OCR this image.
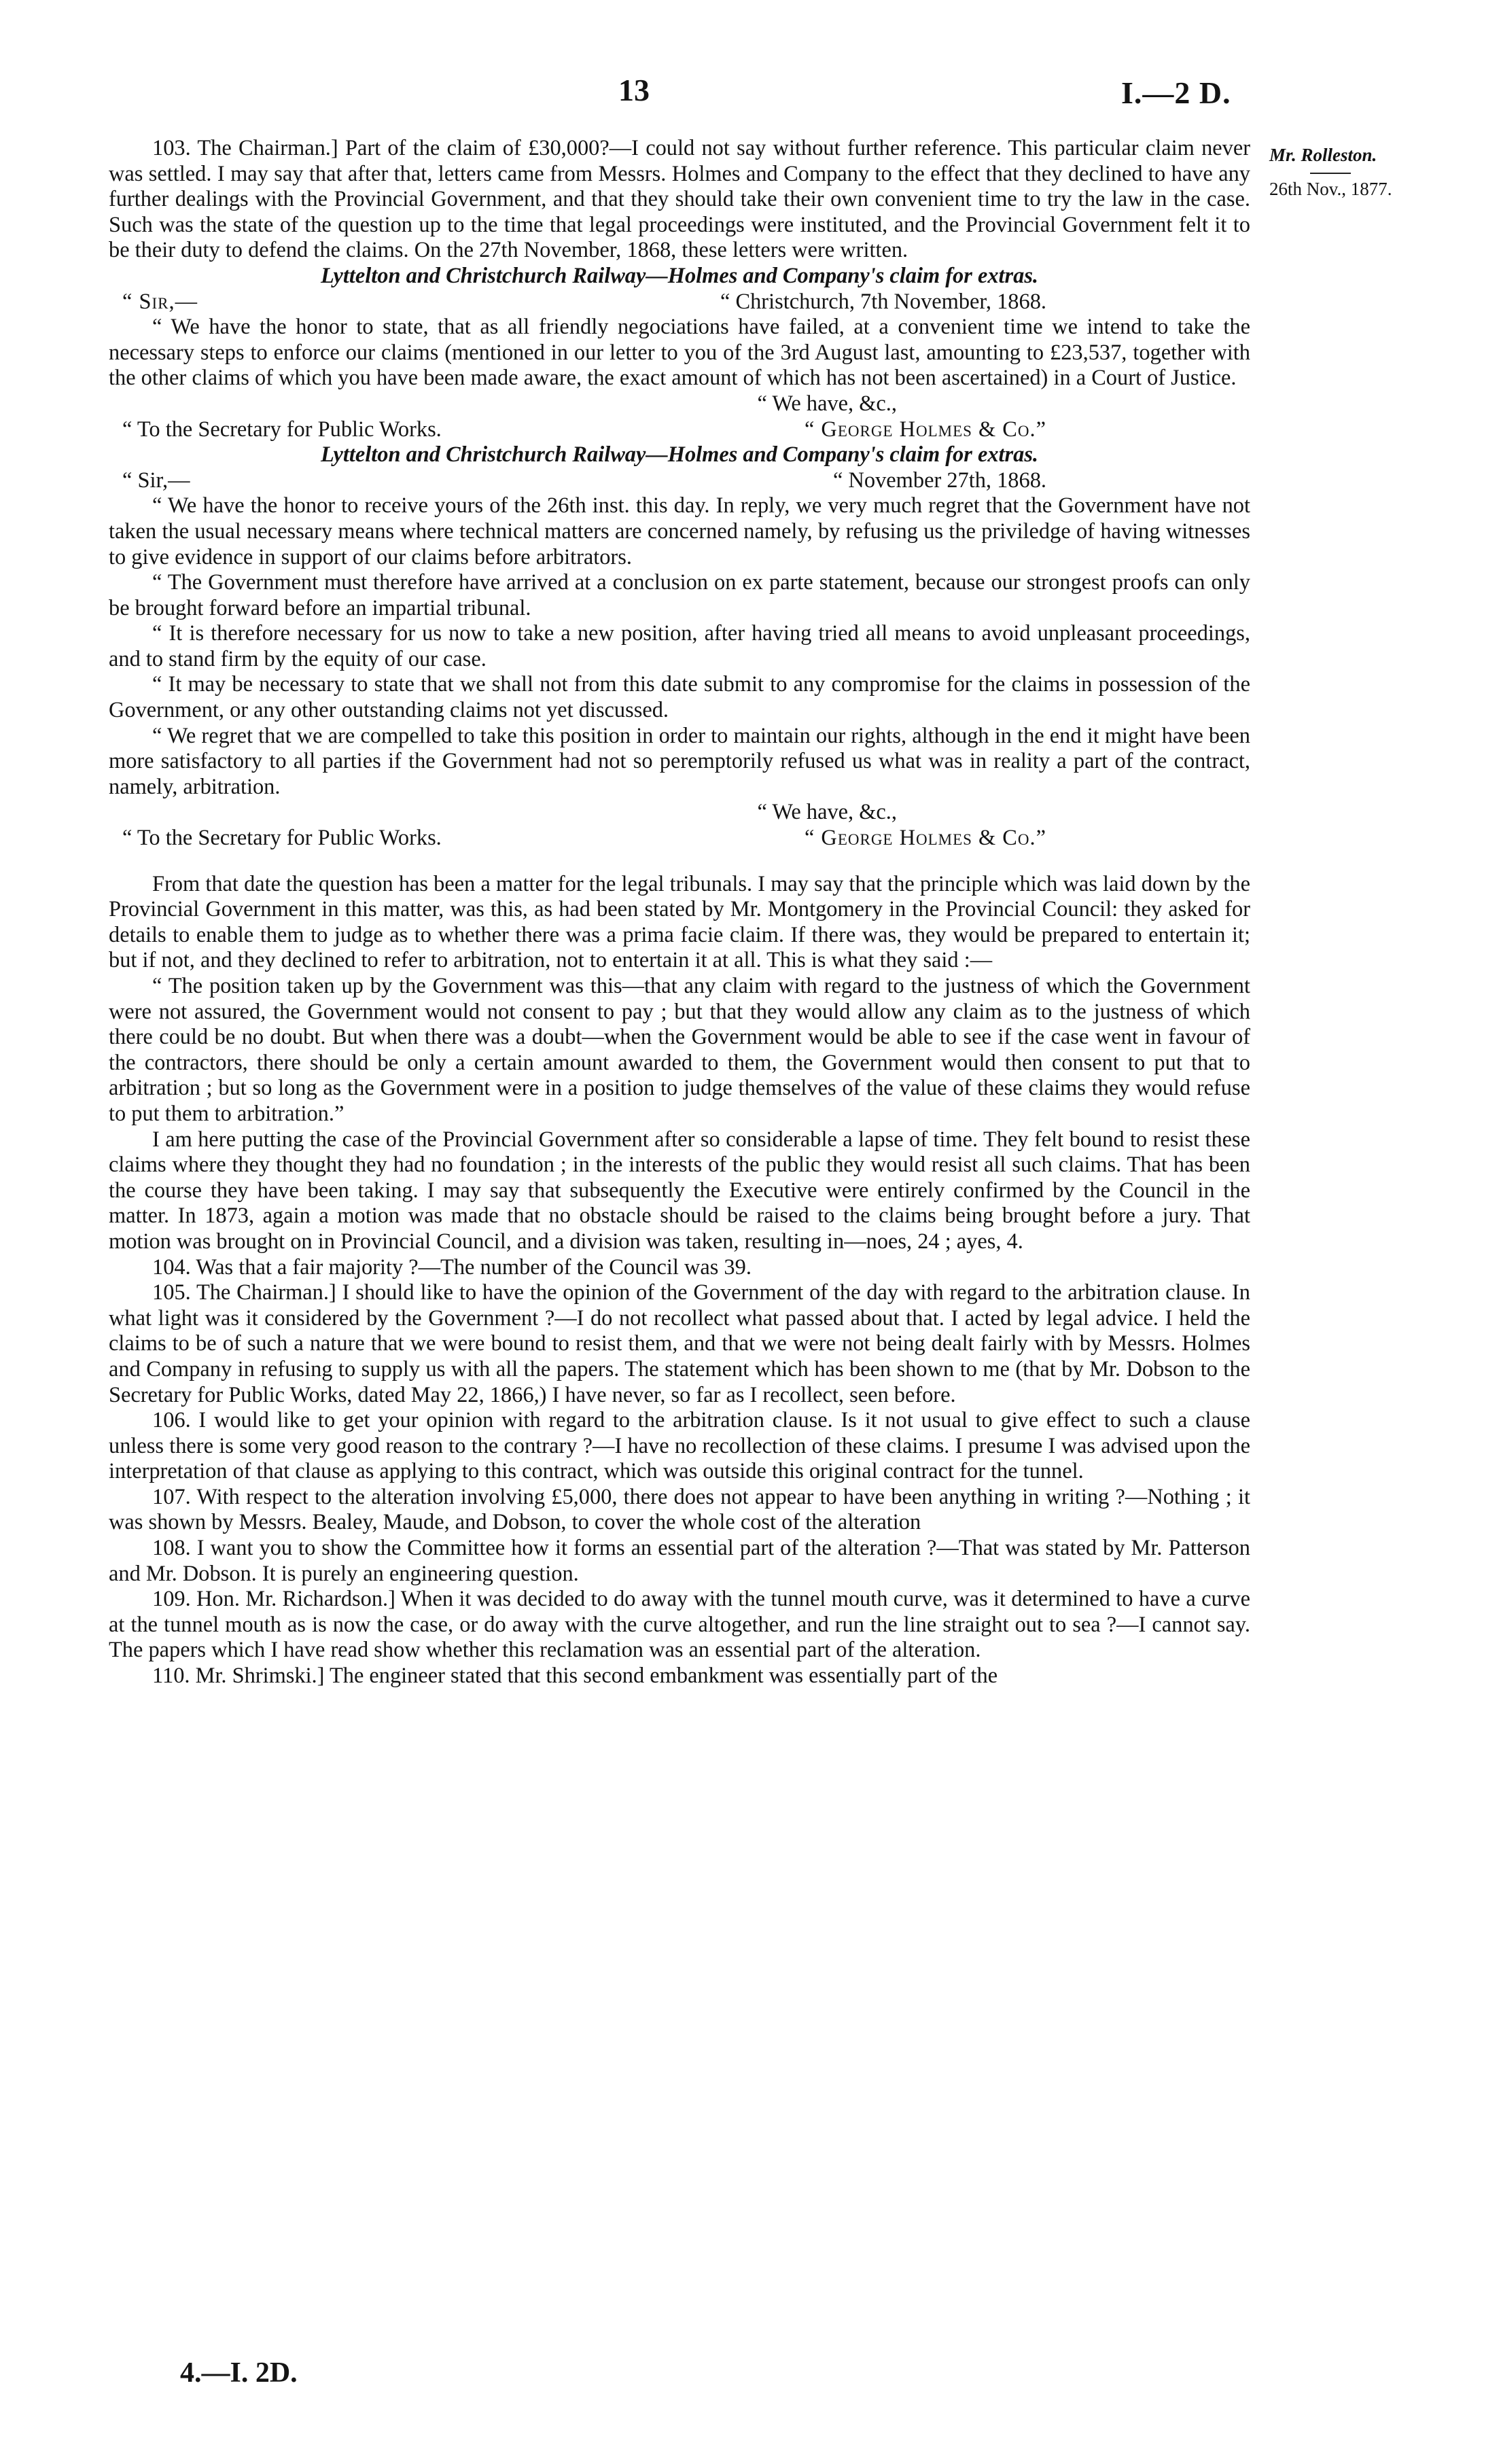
13	I.—2 D.
Mr. Rolleston.
26th Nov., 1877.

103. The Chairman.] Part of the claim of £30,000?—I could not say without further reference. This particular claim never was settled. I may say that after that, letters came from Messrs. Holmes and Company to the effect that they declined to have any further dealings with the Provincial Government, and that they should take their own convenient time to try the law in the case. Such was the state of the question up to the time that legal proceedings were instituted, and the Provincial Government felt it to be their duty to defend the claims. On the 27th November, 1868, these letters were written.

Lyttelton and Christchurch Railway—Holmes and Company's claim for extras.

“ Sir,—	“ Christchurch, 7th November, 1868.

“ We have the honor to state, that as all friendly negociations have failed, at a convenient time we intend to take the necessary steps to enforce our claims (mentioned in our letter to you of the 3rd August last, amounting to £23,537, together with the other claims of which you have been made aware, the exact amount of which has not been ascertained) in a Court of Justice.

“ We have, &c.,
“ To the Secretary for Public Works.	“ George Holmes & Co.”

Lyttelton and Christchurch Railway—Holmes and Company's claim for extras.

“ Sir,—	“ November 27th, 1868.

“ We have the honor to receive yours of the 26th inst. this day. In reply, we very much regret that the Government have not taken the usual necessary means where technical matters are concerned namely, by refusing us the priviledge of having witnesses to give evidence in support of our claims before arbitrators.

“ The Government must therefore have arrived at a conclusion on ex parte statement, because our strongest proofs can only be brought forward before an impartial tribunal.

“ It is therefore necessary for us now to take a new position, after having tried all means to avoid unpleasant proceedings, and to stand firm by the equity of our case.

“ It may be necessary to state that we shall not from this date submit to any compromise for the claims in possession of the Government, or any other outstanding claims not yet discussed.

“ We regret that we are compelled to take this position in order to maintain our rights, although in the end it might have been more satisfactory to all parties if the Government had not so peremptorily refused us what was in reality a part of the contract, namely, arbitration.

“ We have, &c.,
“ To the Secretary for Public Works.	“ George Holmes & Co.”

From that date the question has been a matter for the legal tribunals. I may say that the principle which was laid down by the Provincial Government in this matter, was this, as had been stated by Mr. Montgomery in the Provincial Council: they asked for details to enable them to judge as to whether there was a prima facie claim. If there was, they would be prepared to entertain it; but if not, and they declined to refer to arbitration, not to entertain it at all. This is what they said :—

“ The position taken up by the Government was this—that any claim with regard to the justness of which the Government were not assured, the Government would not consent to pay ; but that they would allow any claim as to the justness of which there could be no doubt. But when there was a doubt—when the Government would be able to see if the case went in favour of the contractors, there should be only a certain amount awarded to them, the Government would then consent to put that to arbitration ; but so long as the Government were in a position to judge themselves of the value of these claims they would refuse to put them to arbitration.”

I am here putting the case of the Provincial Government after so considerable a lapse of time. They felt bound to resist these claims where they thought they had no foundation ; in the interests of the public they would resist all such claims. That has been the course they have been taking. I may say that subsequently the Executive were entirely confirmed by the Council in the matter. In 1873, again a motion was made that no obstacle should be raised to the claims being brought before a jury. That motion was brought on in Provincial Council, and a division was taken, resulting in—noes, 24 ; ayes, 4.

104. Was that a fair majority ?—The number of the Council was 39.

105. The Chairman.] I should like to have the opinion of the Government of the day with regard to the arbitration clause. In what light was it considered by the Government ?—I do not recollect what passed about that. I acted by legal advice. I held the claims to be of such a nature that we were bound to resist them, and that we were not being dealt fairly with by Messrs. Holmes and Company in refusing to supply us with all the papers. The statement which has been shown to me (that by Mr. Dobson to the Secretary for Public Works, dated May 22, 1866,) I have never, so far as I recollect, seen before.

106. I would like to get your opinion with regard to the arbitration clause. Is it not usual to give effect to such a clause unless there is some very good reason to the contrary ?—I have no recollection of these claims. I presume I was advised upon the interpretation of that clause as applying to this contract, which was outside this original contract for the tunnel.

107. With respect to the alteration involving £5,000, there does not appear to have been anything in writing ?—Nothing ; it was shown by Messrs. Bealey, Maude, and Dobson, to cover the whole cost of the alteration

108. I want you to show the Committee how it forms an essential part of the alteration ?—That was stated by Mr. Patterson and Mr. Dobson. It is purely an engineering question.

109. Hon. Mr. Richardson.] When it was decided to do away with the tunnel mouth curve, was it determined to have a curve at the tunnel mouth as is now the case, or do away with the curve altogether, and run the line straight out to sea ?—I cannot say. The papers which I have read show whether this reclamation was an essential part of the alteration.

110. Mr. Shrimski.] The engineer stated that this second embankment was essentially part of the

4.—I. 2D.
